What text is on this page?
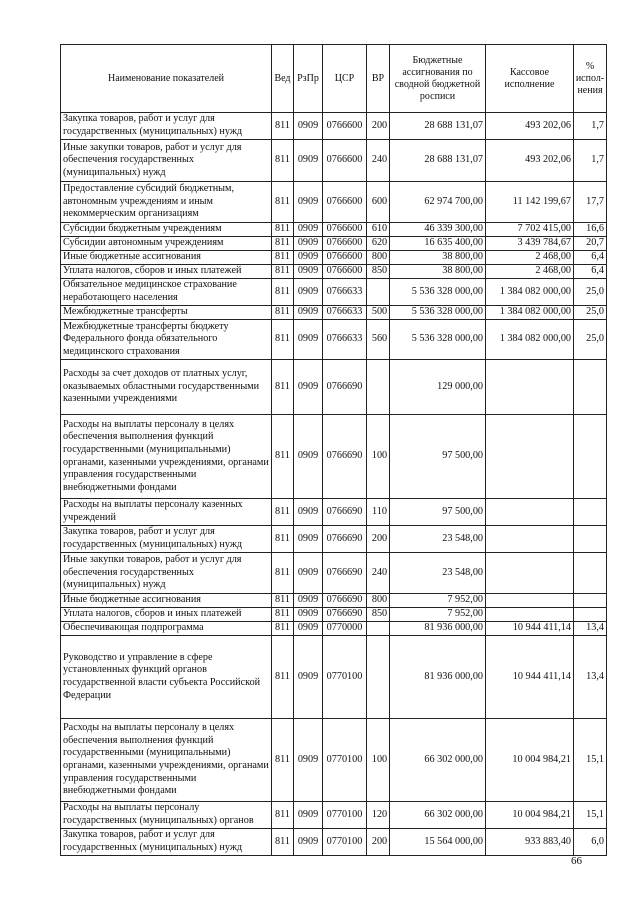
Наименование показателей	Вед	РзПр	ЦСР	ВР	Бюджетные ассигнования по сводной бюджетной росписи	Кассовое исполнение	% испол-нения
Закупка товаров, работ и услуг для государственных (муниципальных) нужд	811	0909	0766600	200	28 688 131,07	493 202,06	1,7
Иные закупки товаров, работ и услуг для обеспечения государственных (муниципальных) нужд	811	0909	0766600	240	28 688 131,07	493 202,06	1,7
Предоставление субсидий бюджетным, автономным учреждениям и иным некоммерческим организациям	811	0909	0766600	600	62 974 700,00	11 142 199,67	17,7
Субсидии бюджетным учреждениям	811	0909	0766600	610	46 339 300,00	7 702 415,00	16,6
Субсидии автономным учреждениям	811	0909	0766600	620	16 635 400,00	3 439 784,67	20,7
Иные бюджетные ассигнования	811	0909	0766600	800	38 800,00	2 468,00	6,4
Уплата налогов, сборов и иных платежей	811	0909	0766600	850	38 800,00	2 468,00	6,4
Обязательное медицинское страхование неработающего населения	811	0909	0766633		5 536 328 000,00	1 384 082 000,00	25,0
Межбюджетные трансферты	811	0909	0766633	500	5 536 328 000,00	1 384 082 000,00	25,0
Межбюджетные трансферты бюджету Федерального фонда обязательного медицинского страхования	811	0909	0766633	560	5 536 328 000,00	1 384 082 000,00	25,0
Расходы за счет доходов от платных услуг, оказываемых областными государственными казенными учреждениями	811	0909	0766690		129 000,00		
Расходы на выплаты персоналу в целях обеспечения выполнения функций государственными (муниципальными) органами, казенными учреждениями, органами управления государственными внебюджетными фондами	811	0909	0766690	100	97 500,00		
Расходы на выплаты персоналу казенных учреждений	811	0909	0766690	110	97 500,00		
Закупка товаров, работ и услуг для государственных (муниципальных) нужд	811	0909	0766690	200	23 548,00		
Иные закупки товаров, работ и услуг для обеспечения государственных (муниципальных) нужд	811	0909	0766690	240	23 548,00		
Иные бюджетные ассигнования	811	0909	0766690	800	7 952,00		
Уплата налогов, сборов и иных платежей	811	0909	0766690	850	7 952,00		
Обеспечивающая подпрограмма	811	0909	0770000		81 936 000,00	10 944 411,14	13,4
Руководство и управление в сфере установленных функций органов государственной власти субъекта Российской Федерации	811	0909	0770100		81 936 000,00	10 944 411,14	13,4
Расходы на выплаты персоналу в целях обеспечения выполнения функций государственными (муниципальными) органами, казенными учреждениями, органами управления государственными внебюджетными фондами	811	0909	0770100	100	66 302 000,00	10 004 984,21	15,1
Расходы на выплаты персоналу государственных (муниципальных) органов	811	0909	0770100	120	66 302 000,00	10 004 984,21	15,1
Закупка товаров, работ и услуг для государственных (муниципальных) нужд	811	0909	0770100	200	15 564 000,00	933 883,40	6,0
66
